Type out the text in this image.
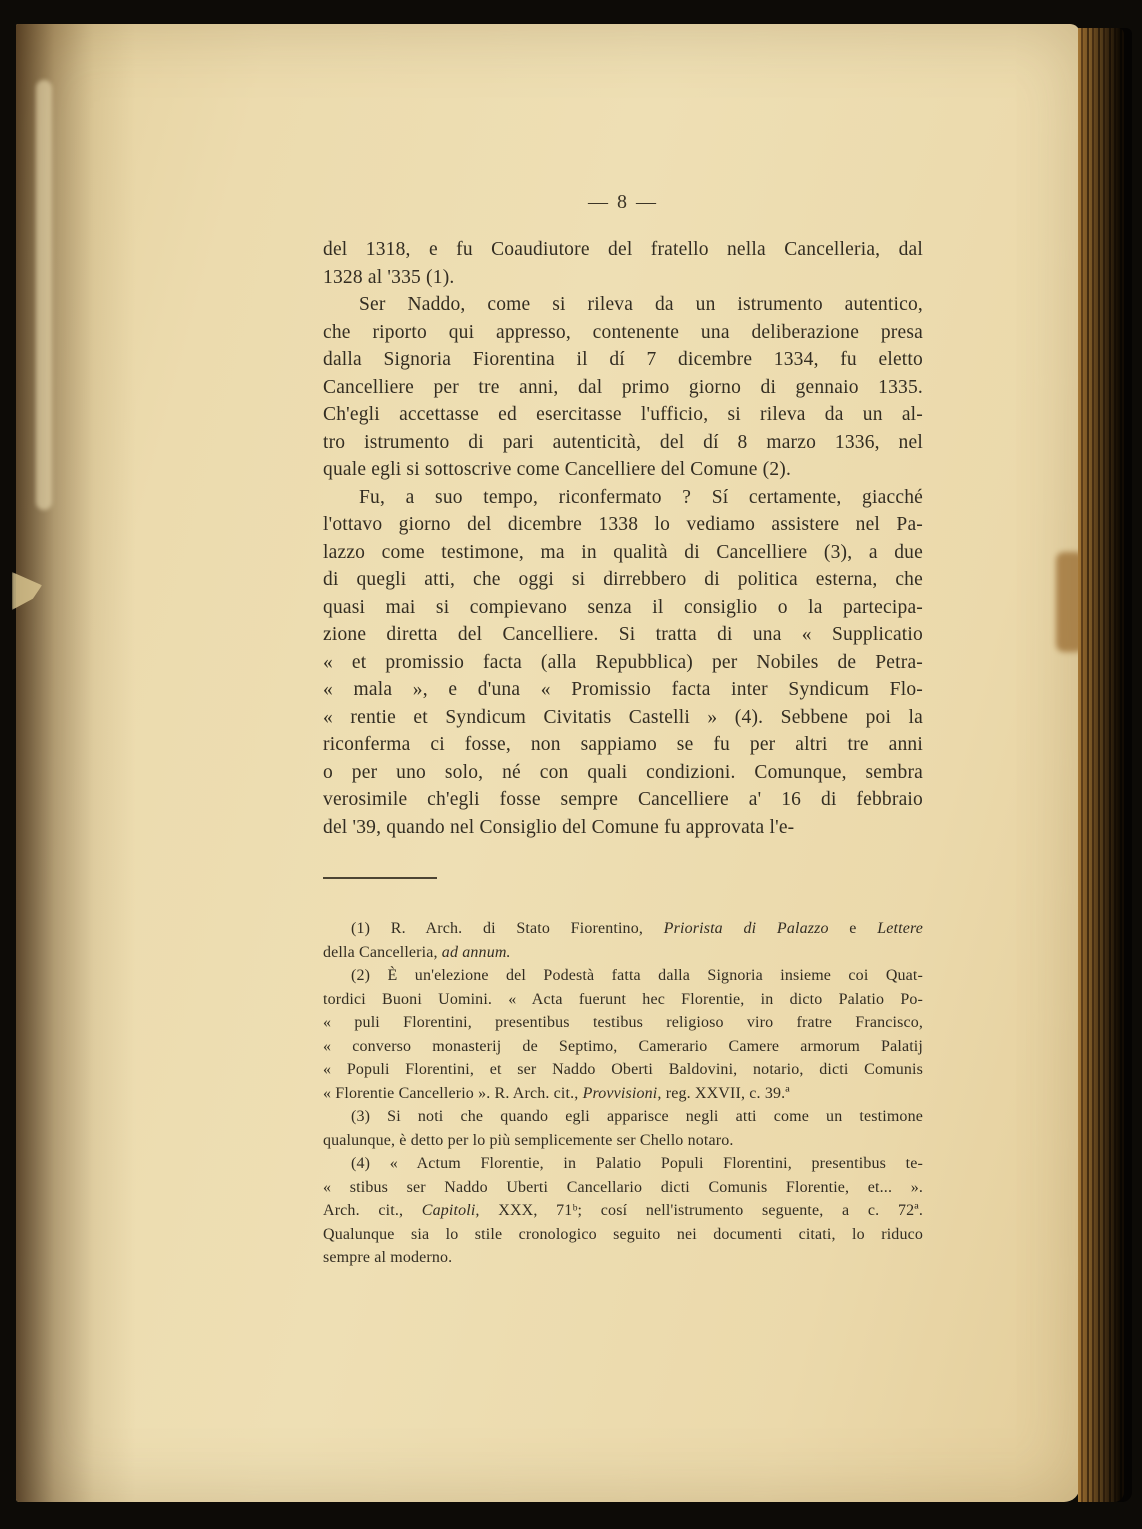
— 8 —
del 1318, e fu Coaudiutore del fratello nella Cancelleria, dal
1328 al '335 (1).
Ser Naddo, come si rileva da un istrumento autentico,
che riporto qui appresso, contenente una deliberazione presa
dalla Signoria Fiorentina il dí 7 dicembre 1334, fu eletto
Cancelliere per tre anni, dal primo giorno di gennaio 1335.
Ch'egli accettasse ed esercitasse l'ufficio, si rileva da un al-
tro istrumento di pari autenticità, del dí 8 marzo 1336, nel
quale egli si sottoscrive come Cancelliere del Comune (2).
Fu, a suo tempo, riconfermato ? Sí certamente, giacché
l'ottavo giorno del dicembre 1338 lo vediamo assistere nel Pa-
lazzo come testimone, ma in qualità di Cancelliere (3), a due
di quegli atti, che oggi si dirrebbero di politica esterna, che
quasi mai si compievano senza il consiglio o la partecipa-
zione diretta del Cancelliere. Si tratta di una « Supplicatio
« et promissio facta (alla Repubblica) per Nobiles de Petra-
« mala », e d'una « Promissio facta inter Syndicum Flo-
« rentie et Syndicum Civitatis Castelli » (4). Sebbene poi la
riconferma ci fosse, non sappiamo se fu per altri tre anni
o per uno solo, né con quali condizioni. Comunque, sembra
verosimile ch'egli fosse sempre Cancelliere a' 16 di febbraio
del '39, quando nel Consiglio del Comune fu approvata l'e-
(1) R. Arch. di Stato Fiorentino, Priorista di Palazzo e Lettere
della Cancelleria, ad annum.
(2) È un'elezione del Podestà fatta dalla Signoria insieme coi Quat-
tordici Buoni Uomini. « Acta fuerunt hec Florentie, in dicto Palatio Po-
« puli Florentini, presentibus testibus religioso viro fratre Francisco,
« converso monasterij de Septimo, Camerario Camere armorum Palatij
« Populi Florentini, et ser Naddo Oberti Baldovini, notario, dicti Comunis
« Florentie Cancellerio ». R. Arch. cit., Provvisioni, reg. XXVII, c. 39.ª
(3) Si noti che quando egli apparisce negli atti come un testimone
qualunque, è detto per lo più semplicemente ser Chello notaro.
(4) « Actum Florentie, in Palatio Populi Florentini, presentibus te-
« stibus ser Naddo Uberti Cancellario dicti Comunis Florentie, et... ».
Arch. cit., Capitoli, XXX, 71ᵇ; cosí nell'istrumento seguente, a c. 72ª.
Qualunque sia lo stile cronologico seguito nei documenti citati, lo riduco
sempre al moderno.
